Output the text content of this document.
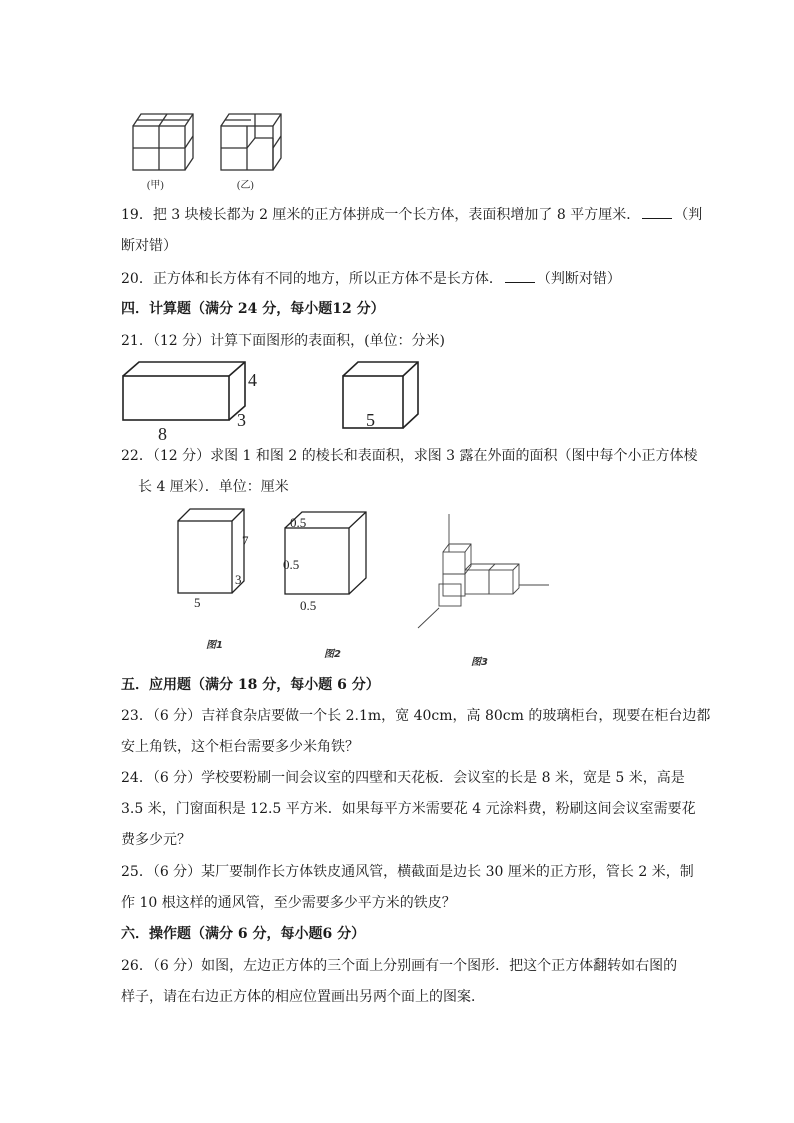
(甲)	(乙)
19．把 3 块棱长都为 2 厘米的正方体拼成一个长方体，表面积增加了 8 平方厘米． （判
断对错）
20．正方体和长方体有不同的地方，所以正方体不是长方体． （判断对错）
四．计算题（满分 24 分，每小题12 分）
21．（12 分）计算下面图形的表面积，(单位：分米)
4
3
8
5
22．（12 分）求图 1 和图 2 的棱长和表面积，求图 3 露在外面的面积（图中每个小正方体棱
长 4 厘米）．单位：厘米
7
3
5
图1
0.5
0.5
0.5
图2
图3
五．应用题（满分 18 分，每小题 6 分）
23．（6 分）吉祥食杂店要做一个长 2.1m，宽 40cm，高 80cm 的玻璃柜台，现要在柜台边都
安上角铁，这个柜台需要多少米角铁？
24．（6 分）学校要粉刷一间会议室的四壁和天花板．会议室的长是 8 米，宽是 5 米，高是
3.5 米，门窗面积是 12.5 平方米．如果每平方米需要花 4 元涂料费，粉刷这间会议室需要花
费多少元？
25．（6 分）某厂要制作长方体铁皮通风管，横截面是边长 30 厘米的正方形，管长 2 米，制
作 10 根这样的通风管，至少需要多少平方米的铁皮？
六．操作题（满分 6 分，每小题6 分）
26．（6 分）如图，左边正方体的三个面上分别画有一个图形．把这个正方体翻转如右图的
样子，请在右边正方体的相应位置画出另两个面上的图案．
